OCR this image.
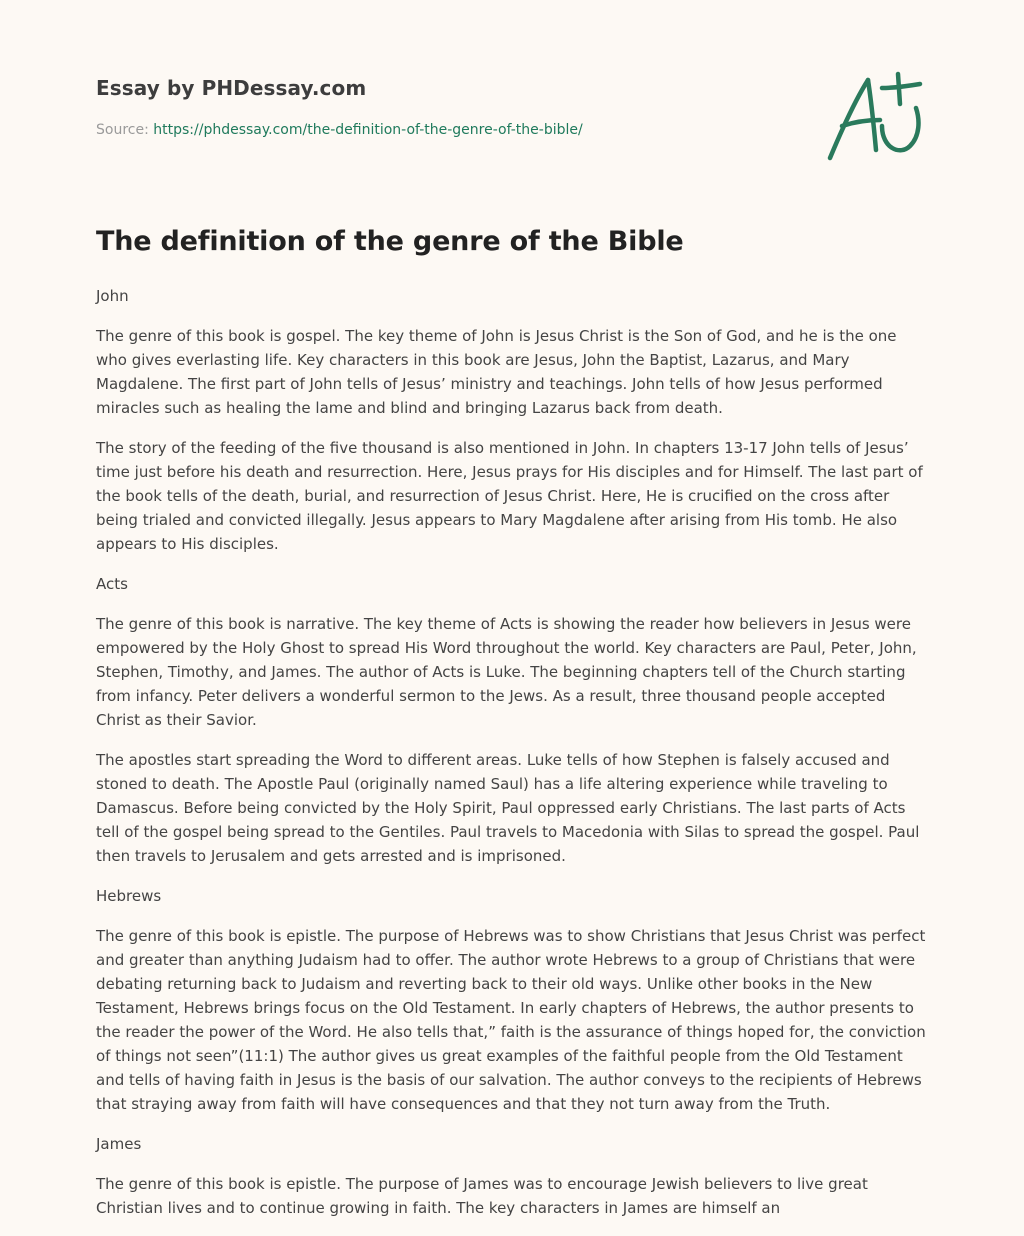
Essay by PHDessay.com
Source: https://phdessay.com/the-definition-of-the-genre-of-the-bible/
The definition of the genre of the Bible

John

The genre of this book is gospel. The key theme of John is Jesus Christ is the Son of God, and he is the one who gives everlasting life. Key characters in this book are Jesus, John the Baptist, Lazarus, and Mary Magdalene. The first part of John tells of Jesus’ ministry and teachings. John tells of how Jesus performed miracles such as healing the lame and blind and bringing Lazarus back from death.

The story of the feeding of the five thousand is also mentioned in John. In chapters 13-17 John tells of Jesus’ time just before his death and resurrection. Here, Jesus prays for His disciples and for Himself. The last part of the book tells of the death, burial, and resurrection of Jesus Christ. Here, He is crucified on the cross after being trialed and convicted illegally. Jesus appears to Mary Magdalene after arising from His tomb. He also appears to His disciples.

Acts

The genre of this book is narrative. The key theme of Acts is showing the reader how believers in Jesus were empowered by the Holy Ghost to spread His Word throughout the world. Key characters are Paul, Peter, John, Stephen, Timothy, and James. The author of Acts is Luke. The beginning chapters tell of the Church starting from infancy. Peter delivers a wonderful sermon to the Jews. As a result, three thousand people accepted Christ as their Savior.

The apostles start spreading the Word to different areas. Luke tells of how Stephen is falsely accused and stoned to death. The Apostle Paul (originally named Saul) has a life altering experience while traveling to Damascus. Before being convicted by the Holy Spirit, Paul oppressed early Christians. The last parts of Acts tell of the gospel being spread to the Gentiles. Paul travels to Macedonia with Silas to spread the gospel. Paul then travels to Jerusalem and gets arrested and is imprisoned.

Hebrews

The genre of this book is epistle. The purpose of Hebrews was to show Christians that Jesus Christ was perfect and greater than anything Judaism had to offer. The author wrote Hebrews to a group of Christians that were debating returning back to Judaism and reverting back to their old ways. Unlike other books in the New Testament, Hebrews brings focus on the Old Testament. In early chapters of Hebrews, the author presents to the reader the power of the Word. He also tells that,” faith is the assurance of things hoped for, the conviction of things not seen”(11:1) The author gives us great examples of the faithful people from the Old Testament and tells of having faith in Jesus is the basis of our salvation. The author conveys to the recipients of Hebrews that straying away from faith will have consequences and that they not turn away from the Truth.

James

The genre of this book is epistle. The purpose of James was to encourage Jewish believers to live great Christian lives and to continue growing in faith. The key characters in James are himself an
